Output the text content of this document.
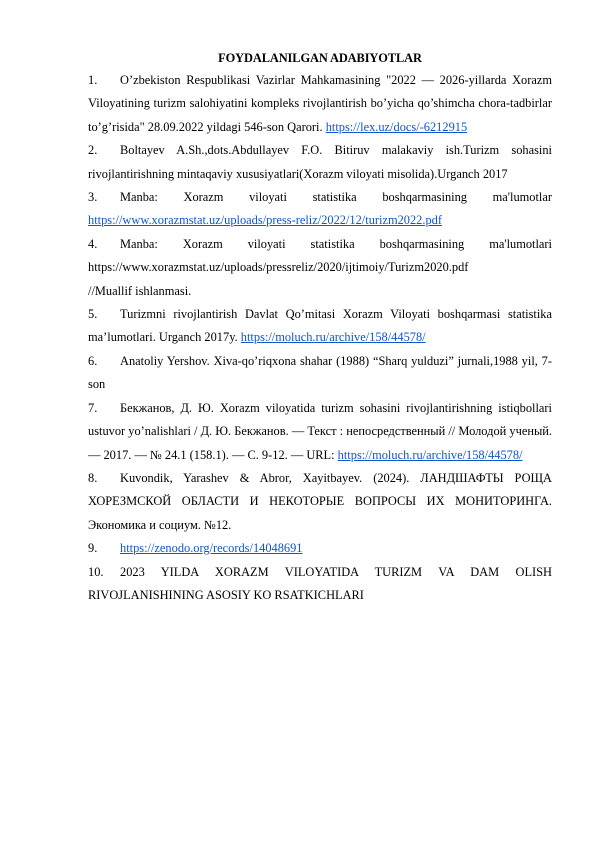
FOYDALANILGAN ADABIYOTLAR

1. O’zbekiston Respublikasi Vazirlar Mahkamasining "2022 — 2026-yillarda Xorazm Viloyatining turizm salohiyatini kompleks rivojlantirish bo’yicha qo’shimcha chora-tadbirlar to’g’risida" 28.09.2022 yildagi 546-son Qarori. https://lex.uz/docs/-6212915

2. Boltayev A.Sh.,dots.Abdullayev F.O. Bitiruv malakaviy ish.Turizm sohasini rivojlantirishning mintaqaviy xususiyatlari(Xorazm viloyati misolida).Urganch 2017

3. Manba: Xorazm viloyati statistika boshqarmasining ma'lumotlar https://www.xorazmstat.uz/uploads/press-reliz/2022/12/turizm2022.pdf

4. Manba: Xorazm viloyati statistika boshqarmasining ma'lumotlari https://www.xorazmstat.uz/uploads/pressreliz/2020/ijtimoiy/Turizm2020.pdf
//Muallif ishlanmasi.

5. Turizmni rivojlantirish Davlat Qo’mitasi Xorazm Viloyati boshqarmasi statistika ma’lumotlari. Urganch 2017y. https://moluch.ru/archive/158/44578/

6. Anatoliy Yershov. Xiva-qo’riqxona shahar (1988) “Sharq yulduzi” jurnali,1988 yil, 7-son

7. Бекжанов, Д. Ю. Xorazm viloyatida turizm sohasini rivojlantirishning istiqbollari ustuvor yo’nalishlari / Д. Ю. Бекжанов. — Текст : непосредственный // Молодой ученый. — 2017. — № 24.1 (158.1). — С. 9-12. — URL: https://moluch.ru/archive/158/44578/

8. Kuvondik, Yarashev & Abror, Xayitbayev. (2024). ЛАНДШАФТЫ РОЩА ХОРЕЗМСКОЙ ОБЛАСТИ И НЕКОТОРЫЕ ВОПРОСЫ ИХ МОНИТОРИНГА. Экономика и социум. №12.

9. https://zenodo.org/records/14048691

10. 2023 YILDA XORAZM VILOYATIDA TURIZM VA DAM OLISH RIVOJLANISHINING ASOSIY KO RSATKICHLARI
